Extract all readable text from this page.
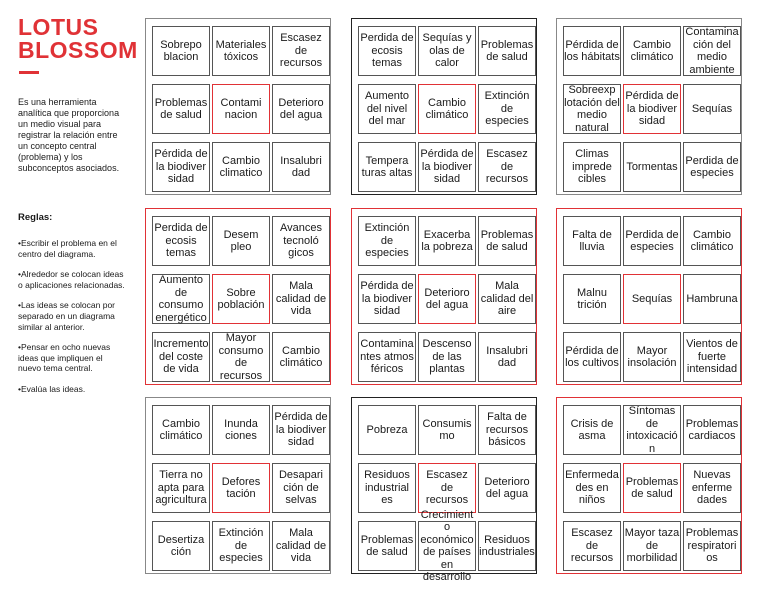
LOTUS BLOSSOM
Es una herramienta analítica que proporciona un medio visual para registrar la relación entre un concepto central (problema) y los subconceptos asociados.
Reglas:
•Escribir el problema en el centro del diagrama.
•Alrededor se colocan ideas o aplicaciones relacionadas.
•Las ideas se colocan por separado en un diagrama similar al anterior.
•Pensar en ocho nuevas ideas que impliquen el nuevo tema central.
•Evalúa las ideas.
Sobrepo blacion
Materiales tóxicos
Escasez de recursos
Problemas de salud
Contami nacion
Deterioro del agua
Pérdida de la biodiver sidad
Cambio climatico
Insalubri dad
Perdida de ecosis temas
Sequías y olas de calor
Problemas de salud
Aumento del nivel del mar
Cambio climático
Extinción de especies
Tempera turas altas
Pérdida de la biodiver sidad
Escasez de recursos
Pérdida de los hábitats
Cambio climático
Contamina ción del medio ambiente
Sobreexp lotación del medio natural
Pérdida de la biodiver sidad
Sequías
Climas imprede cibles
Tormentas
Perdida de especies
Perdida de ecosis temas
Desem pleo
Avances tecnoló gicos
Aumento de consumo energético
Sobre población
Mala calidad de vida
Incremento del coste de vida
Mayor consumo de recursos
Cambio climático
Extinción de especies
Exacerba la pobreza
Problemas de salud
Pérdida de la biodiver sidad
Deterioro del agua
Mala calidad del aire
Contamina ntes atmos féricos
Descenso de las plantas
Insalubri dad
Falta de lluvia
Perdida de especies
Cambio climático
Malnu trición
Sequías	Hambruna
Pérdida de los cultivos
Mayor insolación
Vientos de fuerte intensidad
Cambio climático
Inunda ciones
Pérdida de la biodiver sidad
Tierra no apta para agricultura
Defores tación
Desapari ción de selvas
Desertiza ción
Extinción de especies
Mala calidad de vida
Pobreza
Consumis mo
Falta de recursos básicos
Residuos industrial es
Escasez de recursos
Deterioro del agua
Problemas de salud
Crecimiento económico de países en desarrollo
Residuos industriales
Crisis de asma
Síntomas de intoxicación
Problemas cardiacos
Enfermeda des en niños
Problemas de salud
Nuevas enferme dades
Escasez de recursos
Mayor taza de morbilidad
Problemas respiratori os
